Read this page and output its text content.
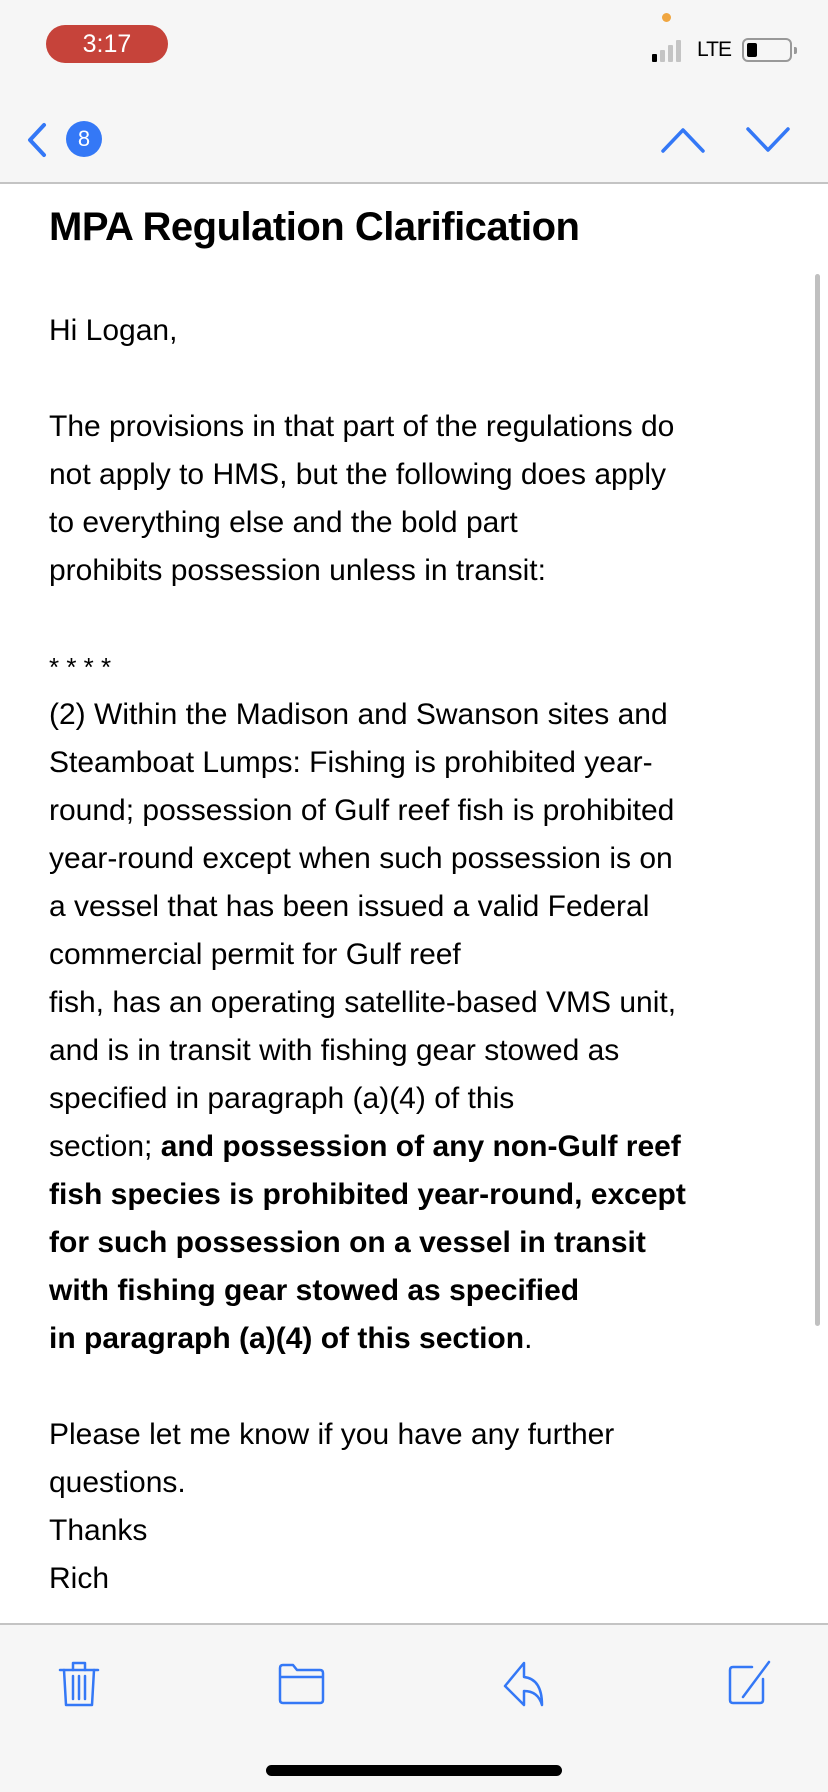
3:17	LTE
8
MPA Regulation Clarification
Hi Logan,
The provisions in that part of the regulations do
not apply to HMS, but the following does apply
to everything else and the bold part
prohibits possession unless in transit:
* * * *
(2) Within the Madison and Swanson sites and
Steamboat Lumps: Fishing is prohibited year-
round; possession of Gulf reef fish is prohibited
year-round except when such possession is on
a vessel that has been issued a valid Federal
commercial permit for Gulf reef
fish, has an operating satellite-based VMS unit,
and is in transit with fishing gear stowed as
specified in paragraph (a)(4) of this
section; and possession of any non-Gulf reef
fish species is prohibited year-round, except
for such possession on a vessel in transit
with fishing gear stowed as specified
in paragraph (a)(4) of this section.
Please let me know if you have any further
questions.
Thanks
Rich
